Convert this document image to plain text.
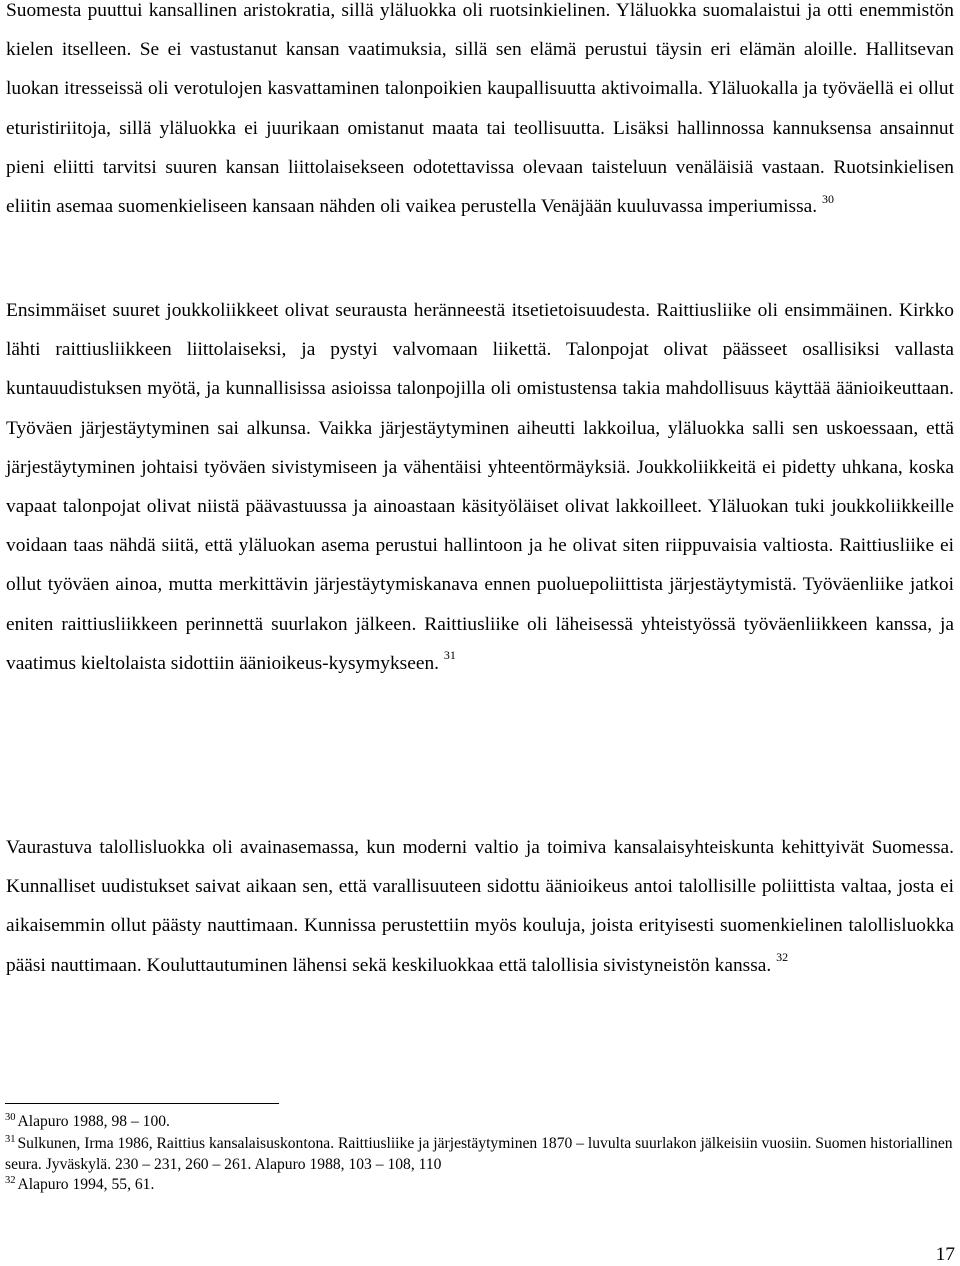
Suomesta puuttui kansallinen aristokratia, sillä yläluokka oli ruotsinkielinen. Yläluokka suomalaistui ja otti enemmistön kielen itselleen. Se ei vastustanut kansan vaatimuksia, sillä sen elämä perustui täysin eri elämän aloille. Hallitsevan luokan itresseissä oli verotulojen kasvattaminen talonpoikien kaupallisuutta aktivoimalla. Yläluokalla ja työväellä ei ollut eturistiriitoja, sillä yläluokka ei juurikaan omistanut maata tai teollisuutta. Lisäksi hallinnossa kannuksensa ansainnut pieni eliitti tarvitsi suuren kansan liittolaisekseen odotettavissa olevaan taisteluun venäläisiä vastaan. Ruotsinkielisen eliitin asemaa suomenkieliseen kansaan nähden oli vaikea perustella Venäjään kuuluvassa imperiumissa. $^{30}$

Ensimmäiset suuret joukkoliikkeet olivat seurausta heränneestä itsetietoisuudesta. Raittiusliike oli ensimmäinen. Kirkko lähti raittiusliikkeen liittolaiseksi, ja pystyi valvomaan liikettä. Talonpojat olivat päässeet osallisiksi vallasta kuntauudistuksen myötä, ja kunnallisissa asioissa talonpojilla oli omistustensa takia mahdollisuus käyttää äänioikeuttaan. Työväen järjestäytyminen sai alkunsa. Vaikka järjestäytyminen aiheutti lakkoilua, yläluokka salli sen uskoessaan, että järjestäytyminen johtaisi työväen sivistymiseen ja vähentäisi yhteentörmäyksiä. Joukkoliikkeitä ei pidetty uhkana, koska vapaat talonpojat olivat niistä päävastuussa ja ainoastaan käsityöläiset olivat lakkoilleet. Yläluokan tuki joukkoliikkeille voidaan taas nähdä siitä, että yläluokan asema perustui hallintoon ja he olivat siten riippuvaisia valtiosta. Raittiusliike ei ollut työväen ainoa, mutta merkittävin järjestäytymiskanava ennen puoluepoliittista järjestäytymistä. Työväenliike jatkoi eniten raittiusliikkeen perinnettä suurlakon jälkeen. Raittiusliike oli läheisessä yhteistyössä työväenliikkeen kanssa, ja vaatimus kieltolaista sidottiin äänioikeus-kysymykseen. $^{31}$

Vaurastuva talollisluokka oli avainasemassa, kun moderni valtio ja toimiva kansalaisyhteiskunta kehittyivät Suomessa. Kunnalliset uudistukset saivat aikaan sen, että varallisuuteen sidottu äänioikeus antoi talollisille poliittista valtaa, josta ei aikaisemmin ollut päästy nauttimaan. Kunnissa perustettiin myös kouluja, joista erityisesti suomenkielinen talollisluokka pääsi nauttimaan. Kouluttautuminen lähensi sekä keskiluokkaa että talollisia sivistyneistön kanssa. $^{32}$

$^{30}$ Alapuro 1988, 98 – 100.

$^{31}$ Sulkunen, Irma 1986, Raittius kansalaisuskontona. Raittiusliike ja järjestäytyminen 1870 – luvulta suurlakon jälkeisiin vuosiin. Suomen historiallinen seura. Jyväskylä. 230 – 231, 260 – 261. Alapuro 1988, 103 – 108, 110

$^{32}$ Alapuro 1994, 55, 61.

17
